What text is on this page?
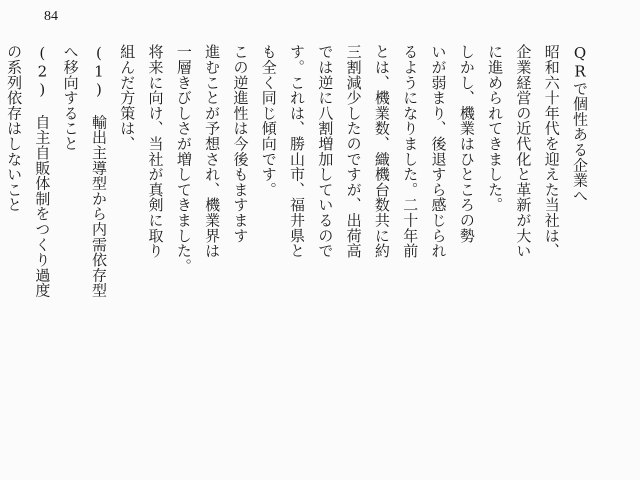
84
QRで個性ある企業へ
昭和六十年代を迎えた当社は、
企業経営の近代化と革新が大い
に進められてきました。
しかし、機業はひところの勢
いが弱まり、後退すら感じられ
るようになりました。二十年前
とは、機業数、織機台数共に約
三割減少したのですが、出荷高
では逆に八割増加しているので
す。これは、勝山市、福井県と
も全く同じ傾向です。
この逆進性は今後もますます
進むことが予想され、機業界は
一層きびしさが増してきました。
将来に向け、当社が真剣に取り
組んだ方策は、
(1)　輸出主導型から内需依存型
へ移向すること
(2)　自主自販体制をつくり過度
の系列依存はしないこと
